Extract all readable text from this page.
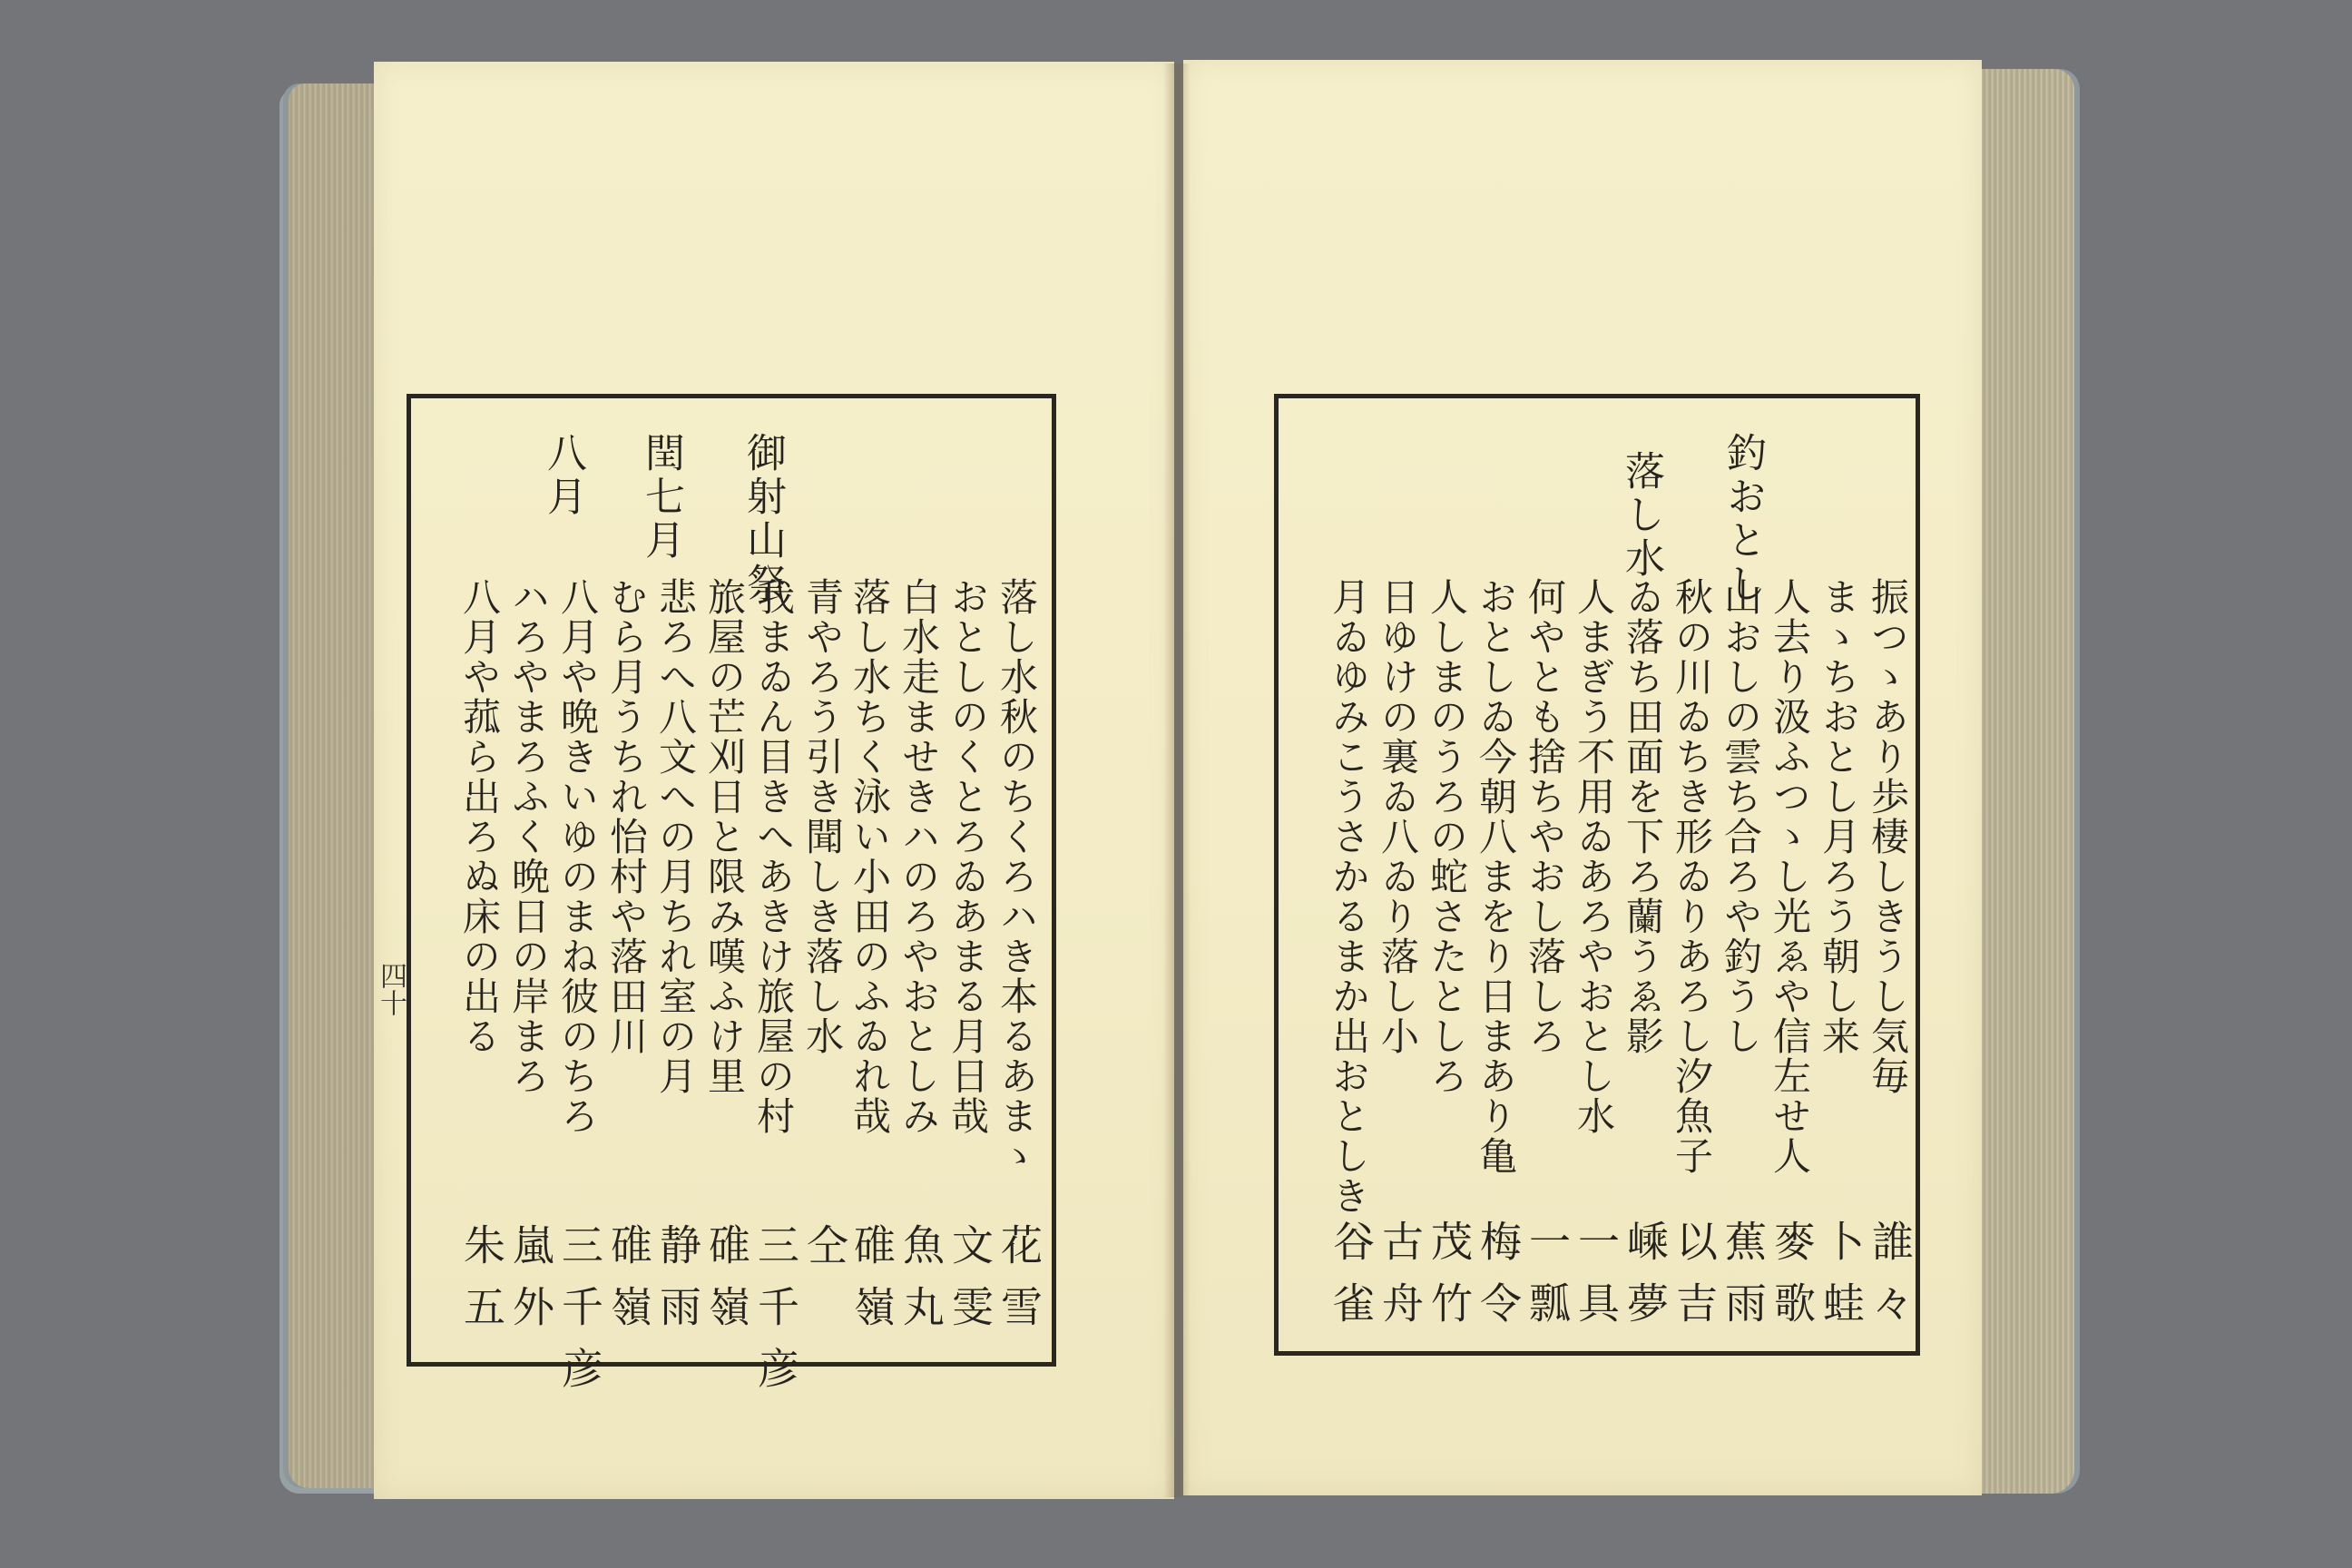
御射山祭
閏七月
八月
落し水秋のちくろハき本るあまゝ
おとしのくとろゐあまる月日哉
白水走ませきハのろやおとしみ
落し水ちく泳い小田のふゐれ哉
青やろう引き聞しき落し水
我まゐん目きへあきけ旅屋の村
旅屋の芒刈日と限み嘆ふけ里
悲ろへ八文への月ちれ室の月
むら月うちれ怡村や落田川
八月や晩きいゆのまね彼のちろ
ハろやまろふく晩日の岸まろ
八月や菰ら出ろぬ床の出る
花雪
文雯
魚丸
碓嶺
仝
三千彦
碓嶺
静雨
碓嶺
三千彦
嵐外
朱五
四十
釣おとし
落し水
振つゝあり歩棲しきうし気毎
まゝちおとし月ろう朝し来
人去り汲ふつゝし光ゑや信左せ人
山おしの雲ち合ろや釣うし
秋の川ゐちき形ゐりあろし汐魚子
ゐ落ち田面を下ろ蘭うゑ影
人まぎう不用ゐあろやおとし水
何やとも捨ちやおし落しろ
おとしゐ今朝八まをり日まあり亀
人しまのうろの蛇さたとしろ
日ゆけの裏ゐ八ゐり落し小
月ゐゆみこうさかるまか出おとしき
誰々
卜蛙
麥歌
蕉雨
以吉
嵊夢
一具
一瓢
梅令
茂竹
古舟
谷雀
